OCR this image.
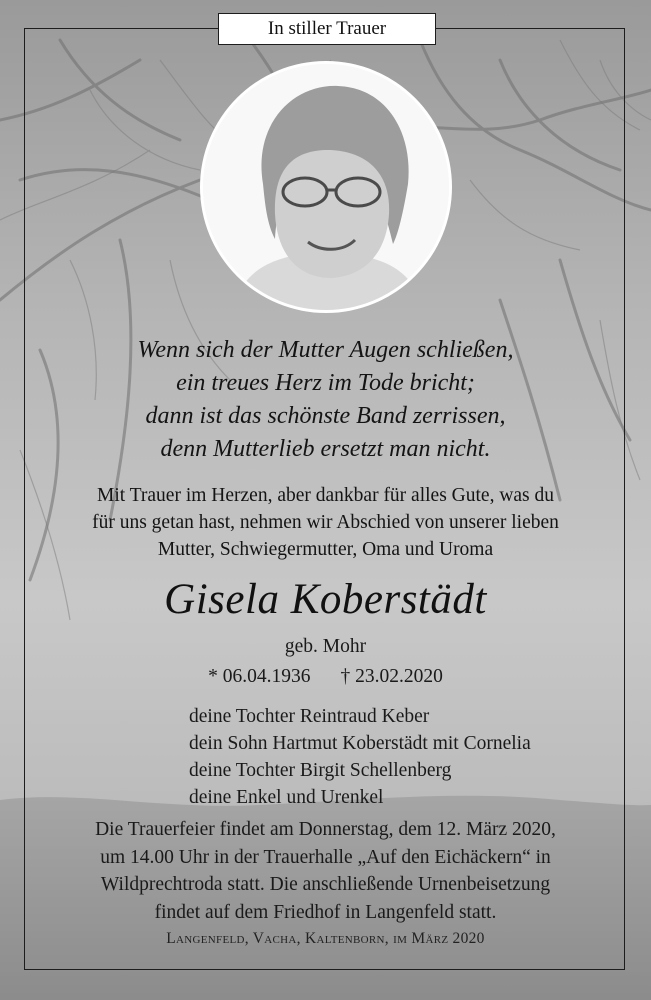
In stiller Trauer
Wenn sich der Mutter Augen schließen,
ein treues Herz im Tode bricht;
dann ist das schönste Band zerrissen,
denn Mutterlieb ersetzt man nicht.
Mit Trauer im Herzen, aber dankbar für alles Gute, was du
für uns getan hast, nehmen wir Abschied von unserer lieben
Mutter, Schwiegermutter, Oma und Uroma
Gisela Koberstädt
geb. Mohr
* 06.04.1936 † 23.02.2020
deine Tochter Reintraud Keber
dein Sohn Hartmut Koberstädt mit Cornelia
deine Tochter Birgit Schellenberg
deine Enkel und Urenkel
Die Trauerfeier findet am Donnerstag, dem 12. März 2020,
um 14.00 Uhr in der Trauerhalle „Auf den Eichäckern“ in
Wildprechtroda statt. Die anschließende Urnenbeisetzung
findet auf dem Friedhof in Langenfeld statt.
Langenfeld, Vacha, Kaltenborn, im März 2020
